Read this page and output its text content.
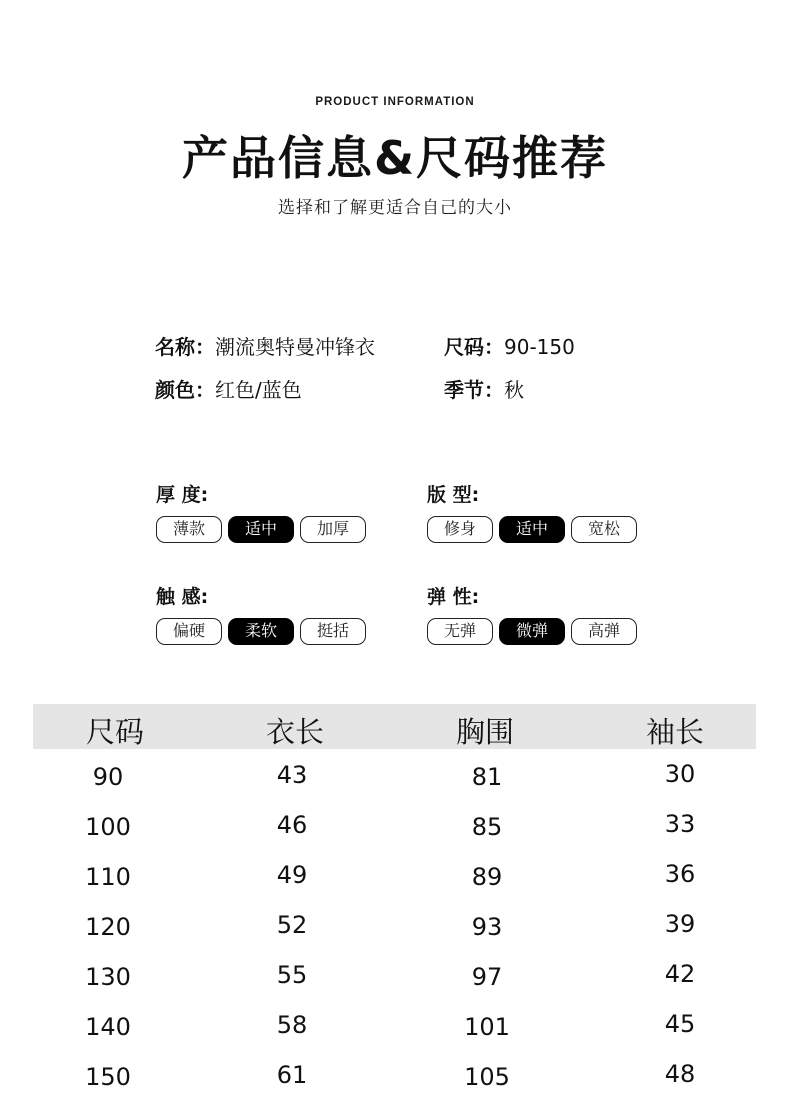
PRODUCT INFORMATION
产品信息&尺码推荐
选择和了解更适合自己的大小
名称：潮流奥特曼冲锋衣	尺码：90-150
颜色：红色/蓝色	季节：秋
厚 度:
薄款	适中	加厚
版 型:
修身	适中	宽松
触 感:
偏硬	柔软	挺括
弹 性:
无弹	微弹	高弹
尺码	衣长	胸围	袖长
90	43	81	30
100	46	85	33
110	49	89	36
120	52	93	39
130	55	97	42
140	58	101	45
150	61	105	48
